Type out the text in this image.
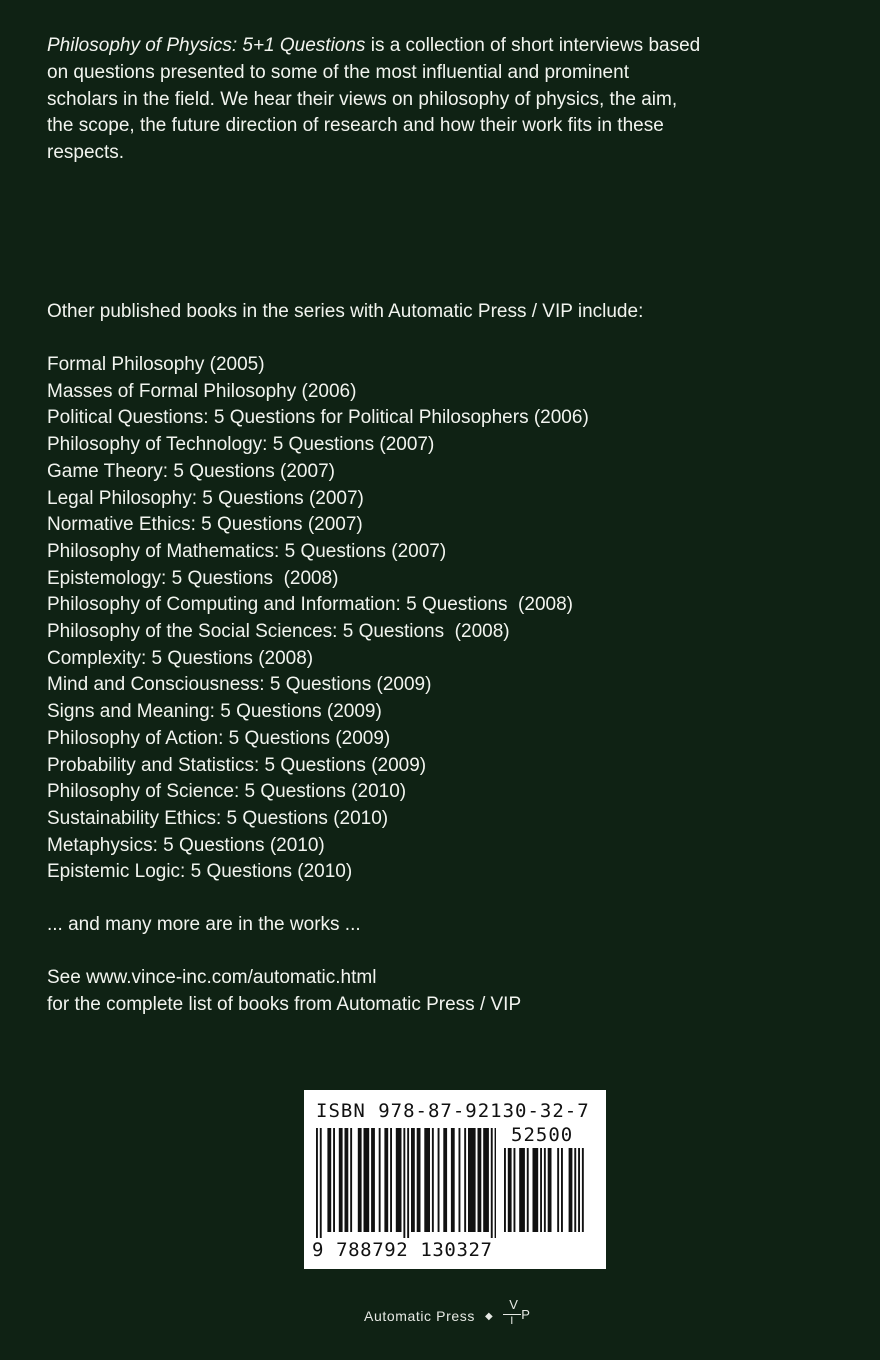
Philosophy of Physics: 5+1 Questions is a collection of short interviews based
on questions presented to some of the most influential and prominent
scholars in the field. We hear their views on philosophy of physics, the aim,
the scope, the future direction of research and how their work fits in these
respects.

Other published books in the series with Automatic Press / VIP include:

Formal Philosophy (2005)
Masses of Formal Philosophy (2006)
Political Questions: 5 Questions for Political Philosophers (2006)
Philosophy of Technology: 5 Questions (2007)
Game Theory: 5 Questions (2007)
Legal Philosophy: 5 Questions (2007)
Normative Ethics: 5 Questions (2007)
Philosophy of Mathematics: 5 Questions (2007)
Epistemology: 5 Questions  (2008)
Philosophy of Computing and Information: 5 Questions  (2008)
Philosophy of the Social Sciences: 5 Questions  (2008)
Complexity: 5 Questions (2008)
Mind and Consciousness: 5 Questions (2009)
Signs and Meaning: 5 Questions (2009)
Philosophy of Action: 5 Questions (2009)
Probability and Statistics: 5 Questions (2009)
Philosophy of Science: 5 Questions (2010)
Sustainability Ethics: 5 Questions (2010)
Metaphysics: 5 Questions (2010)
Epistemic Logic: 5 Questions (2010)

... and many more are in the works ...

See www.vince-inc.com/automatic.html
for the complete list of books from Automatic Press / VIP

ISBN 978-87-92130-32-7
52500
9 788792 130327
Automatic Press ◆
V
I P
